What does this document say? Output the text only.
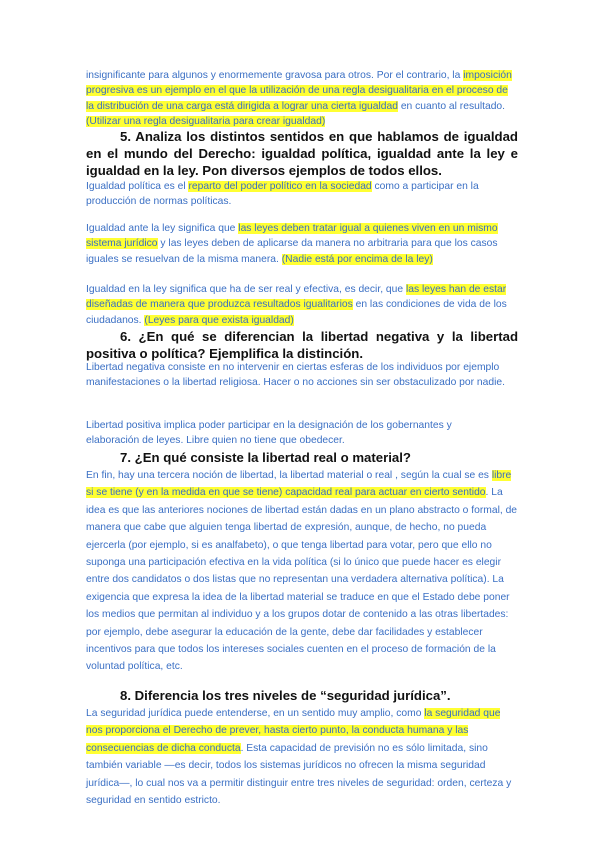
insignificante para algunos y enormemente gravosa para otros. Por el contrario, la imposición progresiva es un ejemplo en el que la utilización de una regla desigualitaria en el proceso de la distribución de una carga está dirigida a lograr una cierta igualdad en cuanto al resultado. (Utilizar una regla desigualitaria para crear igualdad)

5. Analiza los distintos sentidos en que hablamos de igualdad en el mundo del Derecho: igualdad política, igualdad ante la ley e igualdad en la ley. Pon diversos ejemplos de todos ellos.

Igualdad política es el reparto del poder político en la sociedad como a participar en la producción de normas políticas.

Igualdad ante la ley significa que las leyes deben tratar igual a quienes viven en un mismo sistema jurídico y las leyes deben de aplicarse da manera no arbitraria para que los casos iguales se resuelvan de la misma manera. (Nadie está por encima de la ley)

Igualdad en la ley significa que ha de ser real y efectiva, es decir, que las leyes han de estar diseñadas de manera que produzca resultados igualitarios en las condiciones de vida de los ciudadanos. (Leyes para que exista igualdad)

6. ¿En qué se diferencian la libertad negativa y la libertad positiva o política? Ejemplifica la distinción.

Libertad negativa consiste en no intervenir en ciertas esferas de los individuos por ejemplo manifestaciones o la libertad religiosa. Hacer o no acciones sin ser obstaculizado por nadie.

Libertad positiva implica poder participar en la designación de los gobernantes y elaboración de leyes. Libre quien no tiene que obedecer.

7. ¿En qué consiste la libertad real o material?

En fin, hay una tercera noción de libertad, la libertad material o real , según la cual se es libre si se tiene (y en la medida en que se tiene) capacidad real para actuar en cierto sentido. La idea es que las anteriores nociones de libertad están dadas en un plano abstracto o formal, de manera que cabe que alguien tenga libertad de expresión, aunque, de hecho, no pueda ejercerla (por ejemplo, si es analfabeto), o que tenga libertad para votar, pero que ello no suponga una participación efectiva en la vida política (si lo único que puede hacer es elegir entre dos candidatos o dos listas que no representan una verdadera alternativa política). La exigencia que expresa la idea de la libertad material se traduce en que el Estado debe poner los medios que permitan al individuo y a los grupos dotar de contenido a las otras libertades: por ejemplo, debe asegurar la educación de la gente, debe dar facilidades y establecer incentivos para que todos los intereses sociales cuenten en el proceso de formación de la voluntad política, etc.

8. Diferencia los tres niveles de “seguridad jurídica”.

La seguridad jurídica puede entenderse, en un sentido muy amplio, como la seguridad que nos proporciona el Derecho de prever, hasta cierto punto, la conducta humana y las consecuencias de dicha conducta. Esta capacidad de previsión no es sólo limitada, sino también variable —es decir, todos los sistemas jurídicos no ofrecen la misma seguridad jurídica—, lo cual nos va a permitir distinguir entre tres niveles de seguridad: orden, certeza y seguridad en sentido estricto.
